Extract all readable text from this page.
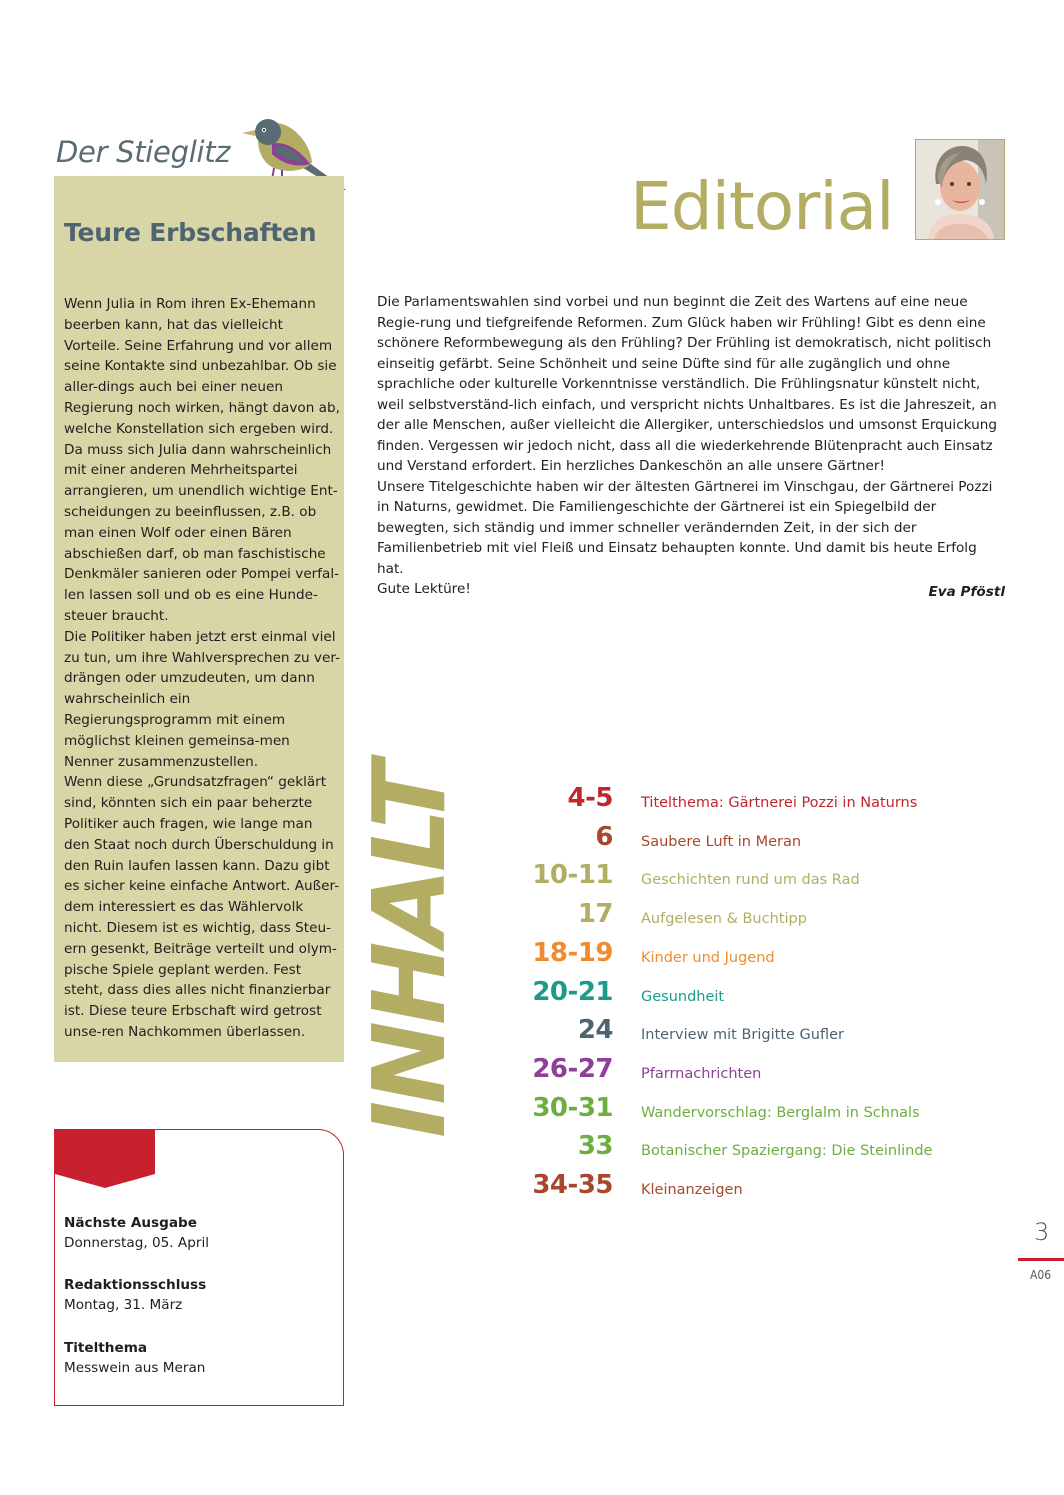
Der Stieglitz
Teure Erbschaften

Wenn Julia in Rom ihren Ex-Ehemann beerben kann, hat das vielleicht Vorteile. Seine Erfahrung und vor allem seine Kontakte sind unbezahlbar. Ob sie aller-dings auch bei einer neuen Regierung noch wirken, hängt davon ab, welche Konstellation sich ergeben wird. Da muss sich Julia dann wahrscheinlich mit einer anderen Mehrheitspartei arrangieren, um unendlich wichtige Ent-scheidungen zu beeinflussen, z.B. ob man einen Wolf oder einen Bären abschießen darf, ob man faschistische Denkmäler sanieren oder Pompei verfal-len lassen soll und ob es eine Hunde-steuer braucht.

Die Politiker haben jetzt erst einmal viel zu tun, um ihre Wahlversprechen zu ver-drängen oder umzudeuten, um dann wahrscheinlich ein Regierungsprogramm mit einem möglichst kleinen gemeinsa-men Nenner zusammenzustellen.

Wenn diese „Grundsatzfragen“ geklärt sind, könnten sich ein paar beherzte Politiker auch fragen, wie lange man den Staat noch durch Überschuldung in den Ruin laufen lassen kann. Dazu gibt es sicher keine einfache Antwort. Außer-dem interessiert es das Wählervolk nicht. Diesem ist es wichtig, dass Steu-ern gesenkt, Beiträge verteilt und olym-pische Spiele geplant werden. Fest steht, dass dies alles nicht finanzierbar ist. Diese teure Erbschaft wird getrost unse-ren Nachkommen überlassen.

meraner
STADTANZEIGER
Nächste Ausgabe
Donnerstag, 05. April
Redaktionsschluss
Montag, 31. März
Titelthema
Messwein aus Meran
Editorial

Die Parlamentswahlen sind vorbei und nun beginnt die Zeit des Wartens auf eine neue Regie-rung und tiefgreifende Reformen. Zum Glück haben wir Frühling! Gibt es denn eine schönere Reformbewegung als den Frühling? Der Frühling ist demokratisch, nicht politisch einseitig gefärbt. Seine Schönheit und seine Düfte sind für alle zugänglich und ohne sprachliche oder kulturelle Vorkenntnisse verständlich. Die Frühlingsnatur künstelt nicht, weil selbstverständ-lich einfach, und verspricht nichts Unhaltbares. Es ist die Jahreszeit, an der alle Menschen, außer vielleicht die Allergiker, unterschiedslos und umsonst Erquickung finden. Vergessen wir jedoch nicht, dass all die wiederkehrende Blütenpracht auch Einsatz und Verstand erfordert. Ein herzliches Dankeschön an alle unsere Gärtner!

Unsere Titelgeschichte haben wir der ältesten Gärtnerei im Vinschgau, der Gärtnerei Pozzi in Naturns, gewidmet. Die Familiengeschichte der Gärtnerei ist ein Spiegelbild der bewegten, sich ständig und immer schneller verändernden Zeit, in der sich der Familienbetrieb mit viel Fleiß und Einsatz behaupten konnte. Und damit bis heute Erfolg hat.

Gute Lektüre!	Eva Pföstl
INHALT	4-5 Titelthema: Gärtnerei Pozzi in Naturns
6 Saubere Luft in Meran
10-11 Geschichten rund um das Rad
17 Aufgelesen & Buchtipp
18-19 Kinder und Jugend
20-21 Gesundheit
24 Interview mit Brigitte Gufler
26-27 Pfarrnachrichten
30-31 Wandervorschlag: Berglalm in Schnals
33 Botanischer Spaziergang: Die Steinlinde
34-35 Kleinanzeigen
3
A06
